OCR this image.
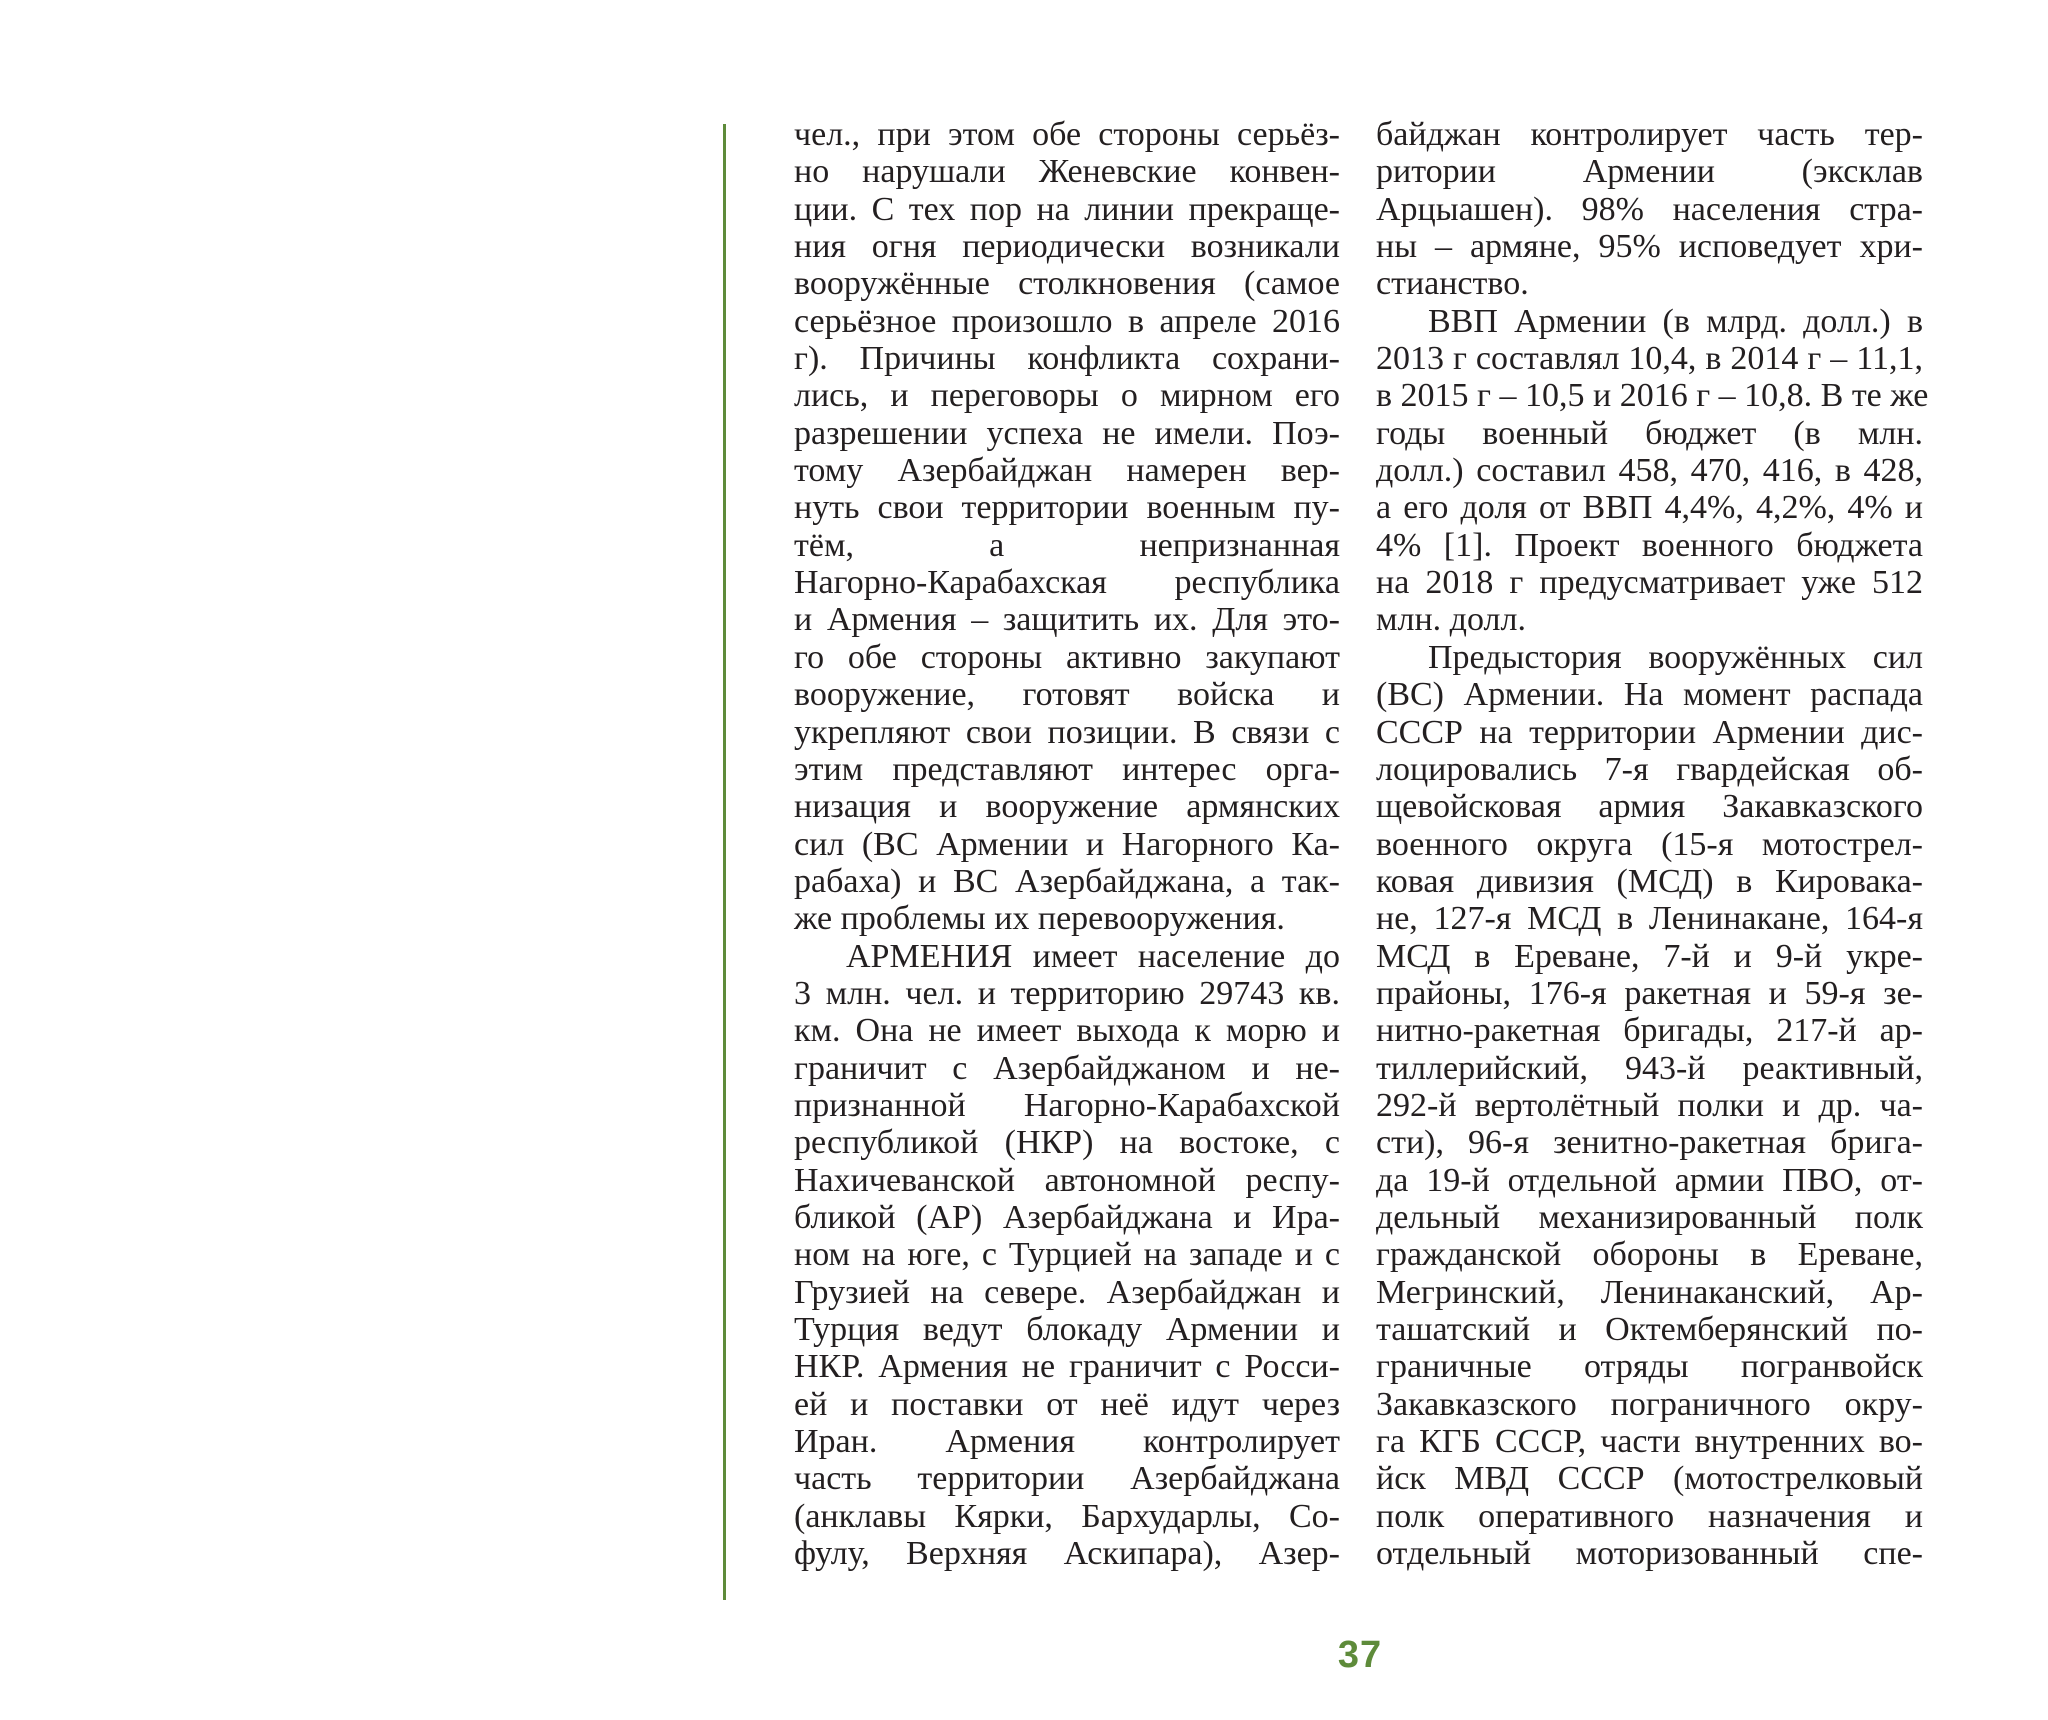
чел., при этом обе стороны серьёз-
но нарушали Женевские конвен-
ции. С тех пор на линии прекраще-
ния огня периодически возникали
вооружённые столкновения (самое
серьёзное произошло в апреле 2016
г). Причины конфликта сохрани-
лись, и переговоры о мирном его
разрешении успеха не имели. Поэ-
тому Азербайджан намерен вер-
нуть свои территории военным пу-
тём, а непризнанная
Нагорно-Карабахская республика
и Армения – защитить их. Для это-
го обе стороны активно закупают
вооружение, готовят войска и
укрепляют свои позиции. В связи с
этим представляют интерес орга-
низация и вооружение армянских
сил (ВС Армении и Нагорного Ка-
рабаха) и ВС Азербайджана, а так-
же проблемы их перевооружения.
АРМЕНИЯ имеет население до
3 млн. чел. и территорию 29743 кв.
км. Она не имеет выхода к морю и
граничит с Азербайджаном и не-
признанной Нагорно-Карабахской
республикой (НКР) на востоке, с
Нахичеванской автономной респу-
бликой (АР) Азербайджана и Ира-
ном на юге, с Турцией на западе и с
Грузией на севере. Азербайджан и
Турция ведут блокаду Армении и
НКР. Армения не граничит с Росси-
ей и поставки от неё идут через
Иран. Армения контролирует
часть территории Азербайджана
(анклавы Кярки, Бархударлы, Со-
фулу, Верхняя Аскипара), Азер-
байджан контролирует часть тер-
ритории Армении (эксклав
Арцыашен). 98% населения стра-
ны – армяне, 95% исповедует хри-
стианство.
ВВП Армении (в млрд. долл.) в
2013 г составлял 10,4, в 2014 г – 11,1,
в 2015 г – 10,5 и 2016 г – 10,8. В те же
годы военный бюджет (в млн.
долл.) составил 458, 470, 416, в 428,
а его доля от ВВП 4,4%, 4,2%, 4% и
4% [1]. Проект военного бюджета
на 2018 г предусматривает уже 512
млн. долл.
Предыстория вооружённых сил
(ВС) Армении. На момент распада
СССР на территории Армении дис-
лоцировались 7-я гвардейская об-
щевойсковая армия Закавказского
военного округа (15-я мотострел-
ковая дивизия (МСД) в Кировака-
не, 127-я МСД в Ленинакане, 164-я
МСД в Ереване, 7-й и 9-й укре-
прайоны, 176-я ракетная и 59-я зе-
нитно-ракетная бригады, 217-й ар-
тиллерийский, 943-й реактивный,
292-й вертолётный полки и др. ча-
сти), 96-я зенитно-ракетная брига-
да 19-й отдельной армии ПВО, от-
дельный механизированный полк
гражданской обороны в Ереване,
Мегринский, Ленинаканский, Ар-
ташатский и Октемберянский по-
граничные отряды погранвойск
Закавказского пограничного окру-
га КГБ СССР, части внутренних во-
йск МВД СССР (мотострелковый
полк оперативного назначения и
отдельный моторизованный спе-
37
